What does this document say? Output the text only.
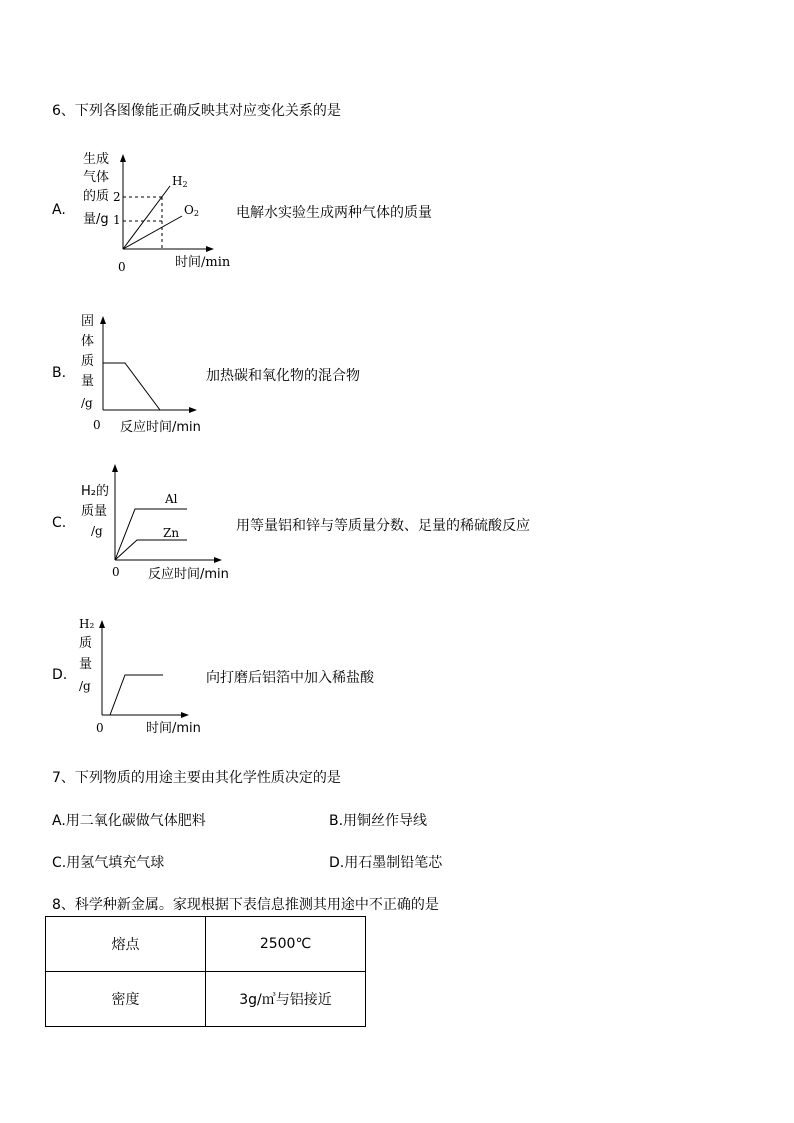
6、下列各图像能正确反映其对应变化关系的是
A.
生成
气体
的质
量/g
2
1
H2
O2
0	时间/min
电解水实验生成两种气体的质量
B.
固
体
质
量
/g
0 反应时间/min
加热碳和氧化物的混合物
C.
H₂的
质量
/g
Al
Zn
0 反应时间/min
用等量铝和锌与等质量分数、足量的稀硫酸反应
D.
H₂
质
量
/g
0	时间/min
向打磨后铝箔中加入稀盐酸
7、下列物质的用途主要由其化学性质决定的是
A.用二氧化碳做气体肥料	B.用铜丝作导线
C.用氢气填充气球	D.用石墨制铅笔芯
8、科学种新金属。家现根据下表信息推测其用途中不正确的是
熔点	2500℃
密度	3g/㎥与铝接近
